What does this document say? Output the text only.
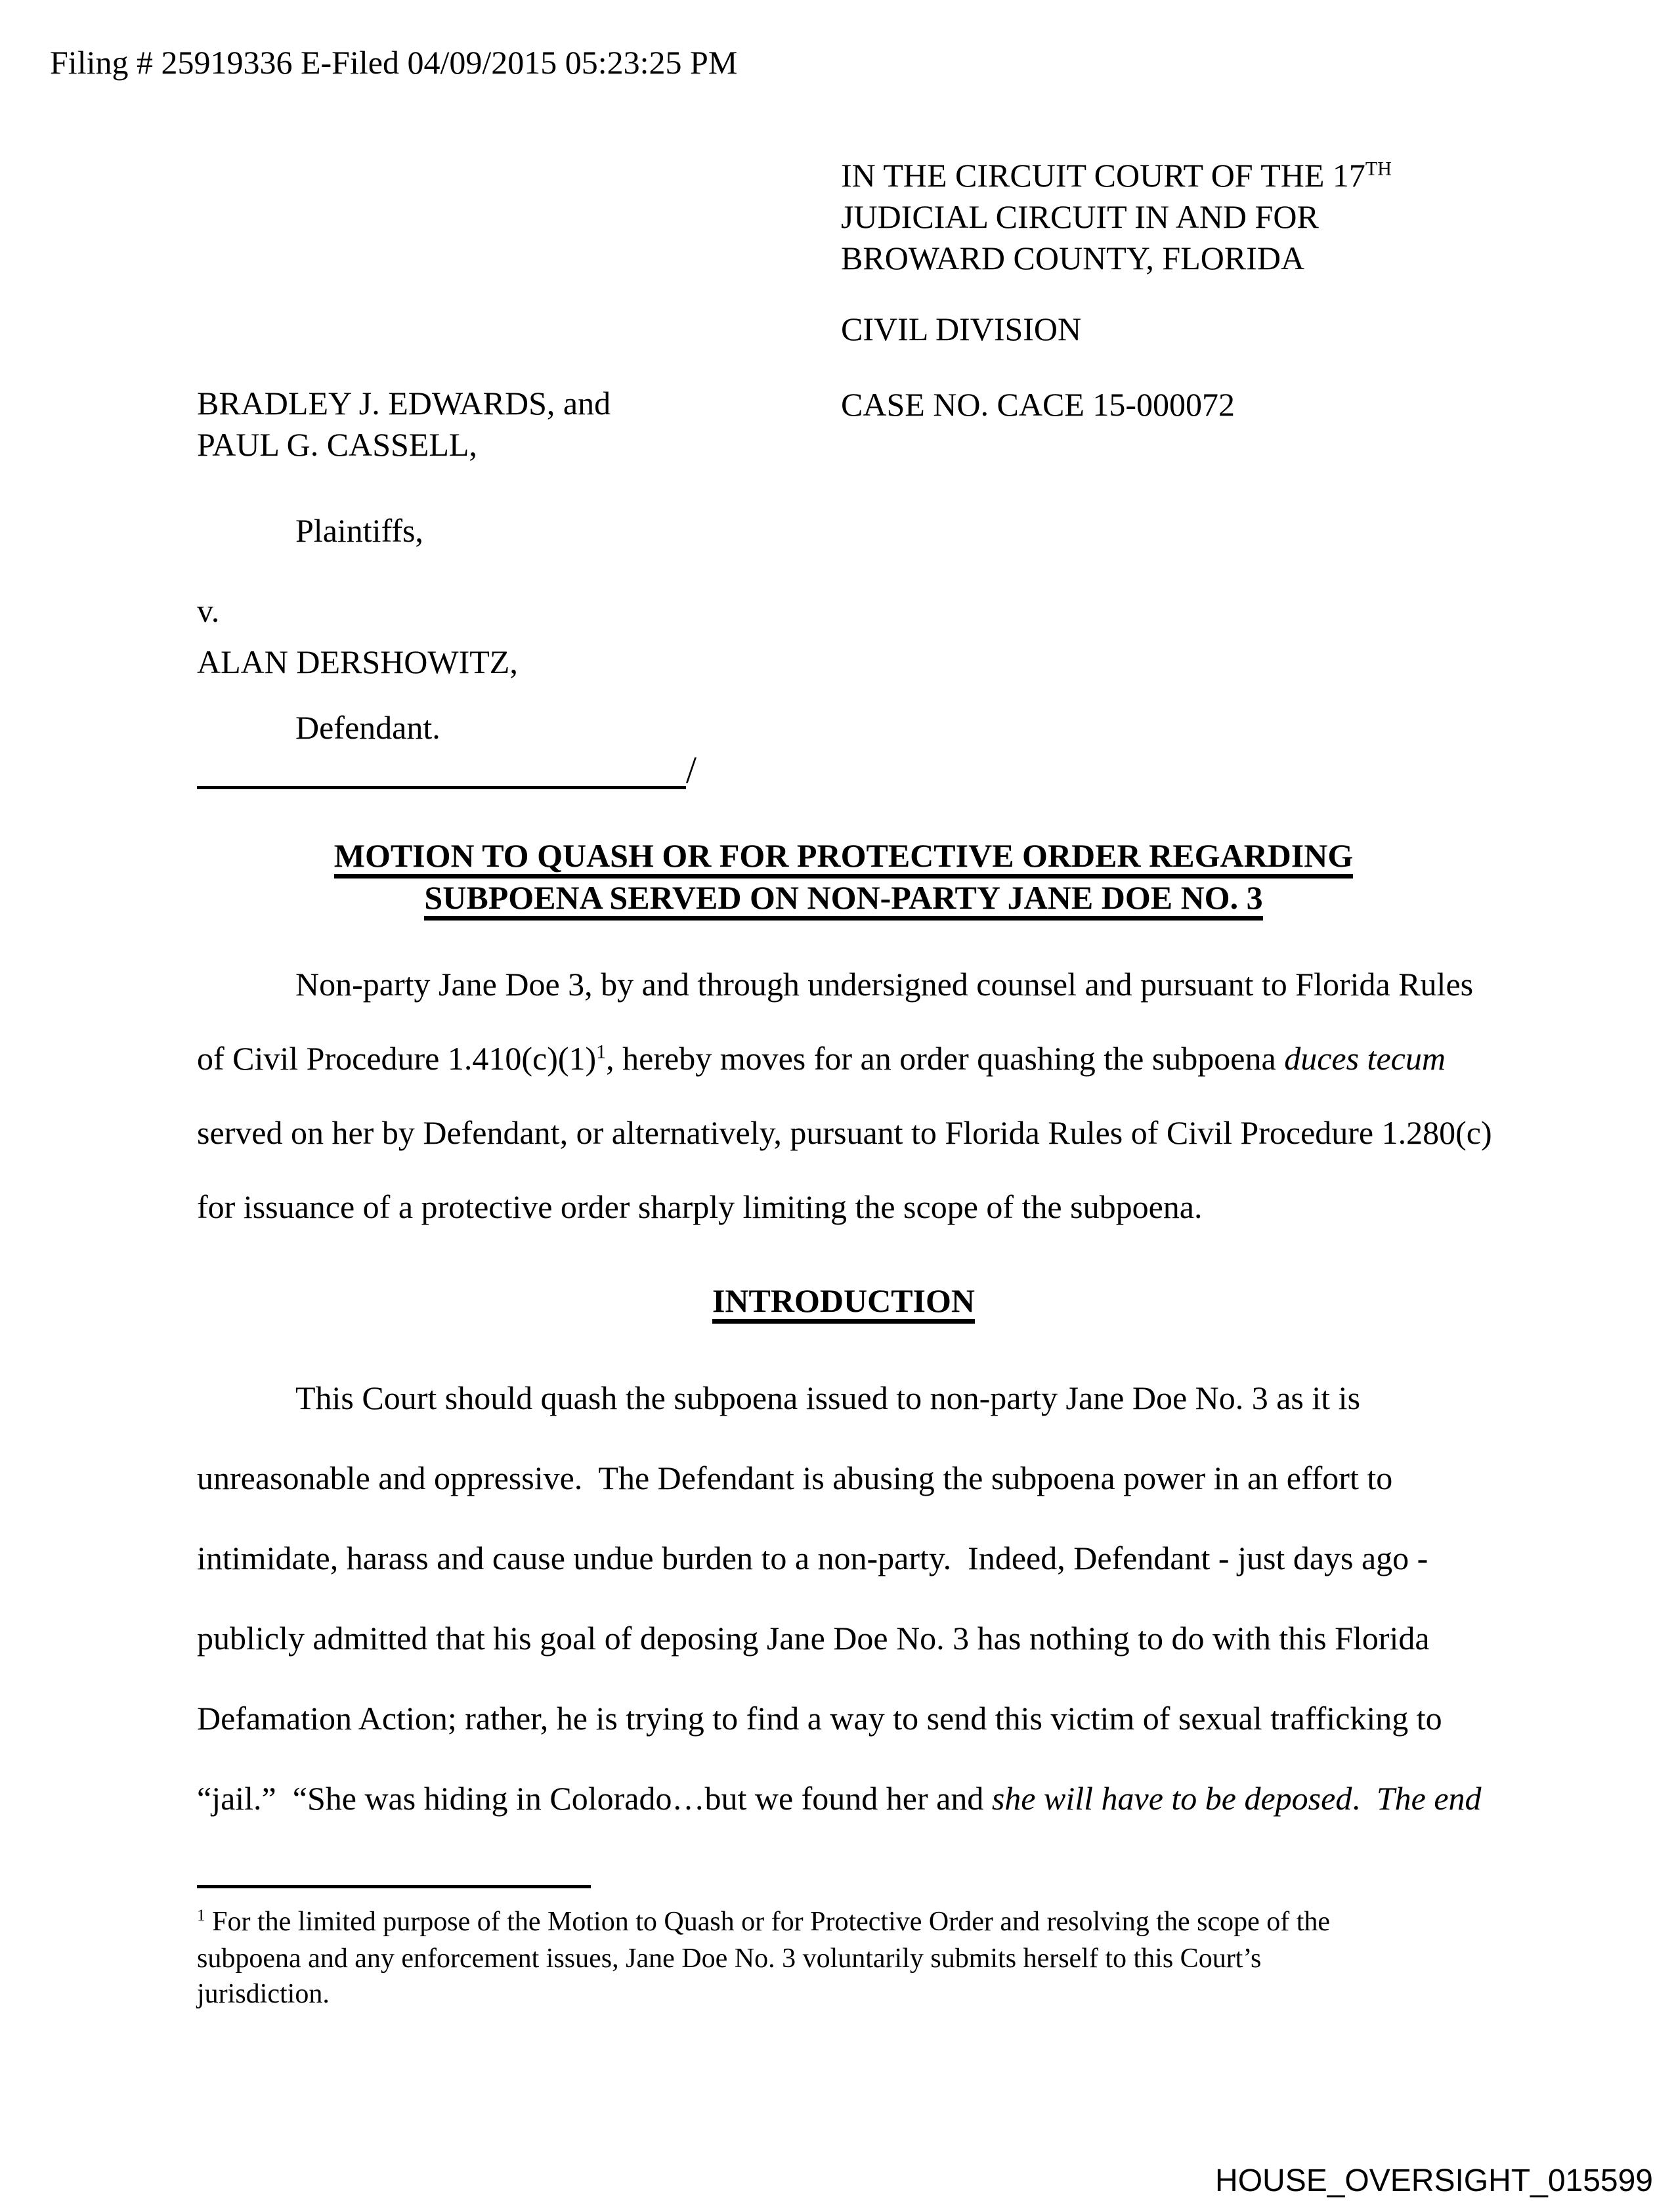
Filing # 25919336 E-Filed 04/09/2015 05:23:25 PM
IN THE CIRCUIT COURT OF THE 17TH
JUDICIAL CIRCUIT IN AND FOR
BROWARD COUNTY, FLORIDA
CIVIL DIVISION
CASE NO. CACE 15-000072
BRADLEY J. EDWARDS, and
PAUL G. CASSELL,
Plaintiffs,
v.
ALAN DERSHOWITZ,
Defendant.
/
MOTION TO QUASH OR FOR PROTECTIVE ORDER REGARDING
SUBPOENA SERVED ON NON-PARTY JANE DOE NO. 3
Non-party Jane Doe 3, by and through undersigned counsel and pursuant to Florida Rules
of Civil Procedure 1.410(c)(1)$^1$, hereby moves for an order quashing the subpoena duces tecum
served on her by Defendant, or alternatively, pursuant to Florida Rules of Civil Procedure 1.280(c)
for issuance of a protective order sharply limiting the scope of the subpoena.
INTRODUCTION
This Court should quash the subpoena issued to non-party Jane Doe No. 3 as it is
unreasonable and oppressive.  The Defendant is abusing the subpoena power in an effort to
intimidate, harass and cause undue burden to a non-party.  Indeed, Defendant - just days ago -
publicly admitted that his goal of deposing Jane Doe No. 3 has nothing to do with this Florida
Defamation Action; rather, he is trying to find a way to send this victim of sexual trafficking to
“jail.”  “She was hiding in Colorado…but we found her and she will have to be deposed.  The end
$^1$ For the limited purpose of the Motion to Quash or for Protective Order and resolving the scope of the
subpoena and any enforcement issues, Jane Doe No. 3 voluntarily submits herself to this Court’s
jurisdiction.
HOUSE_OVERSIGHT_015599
